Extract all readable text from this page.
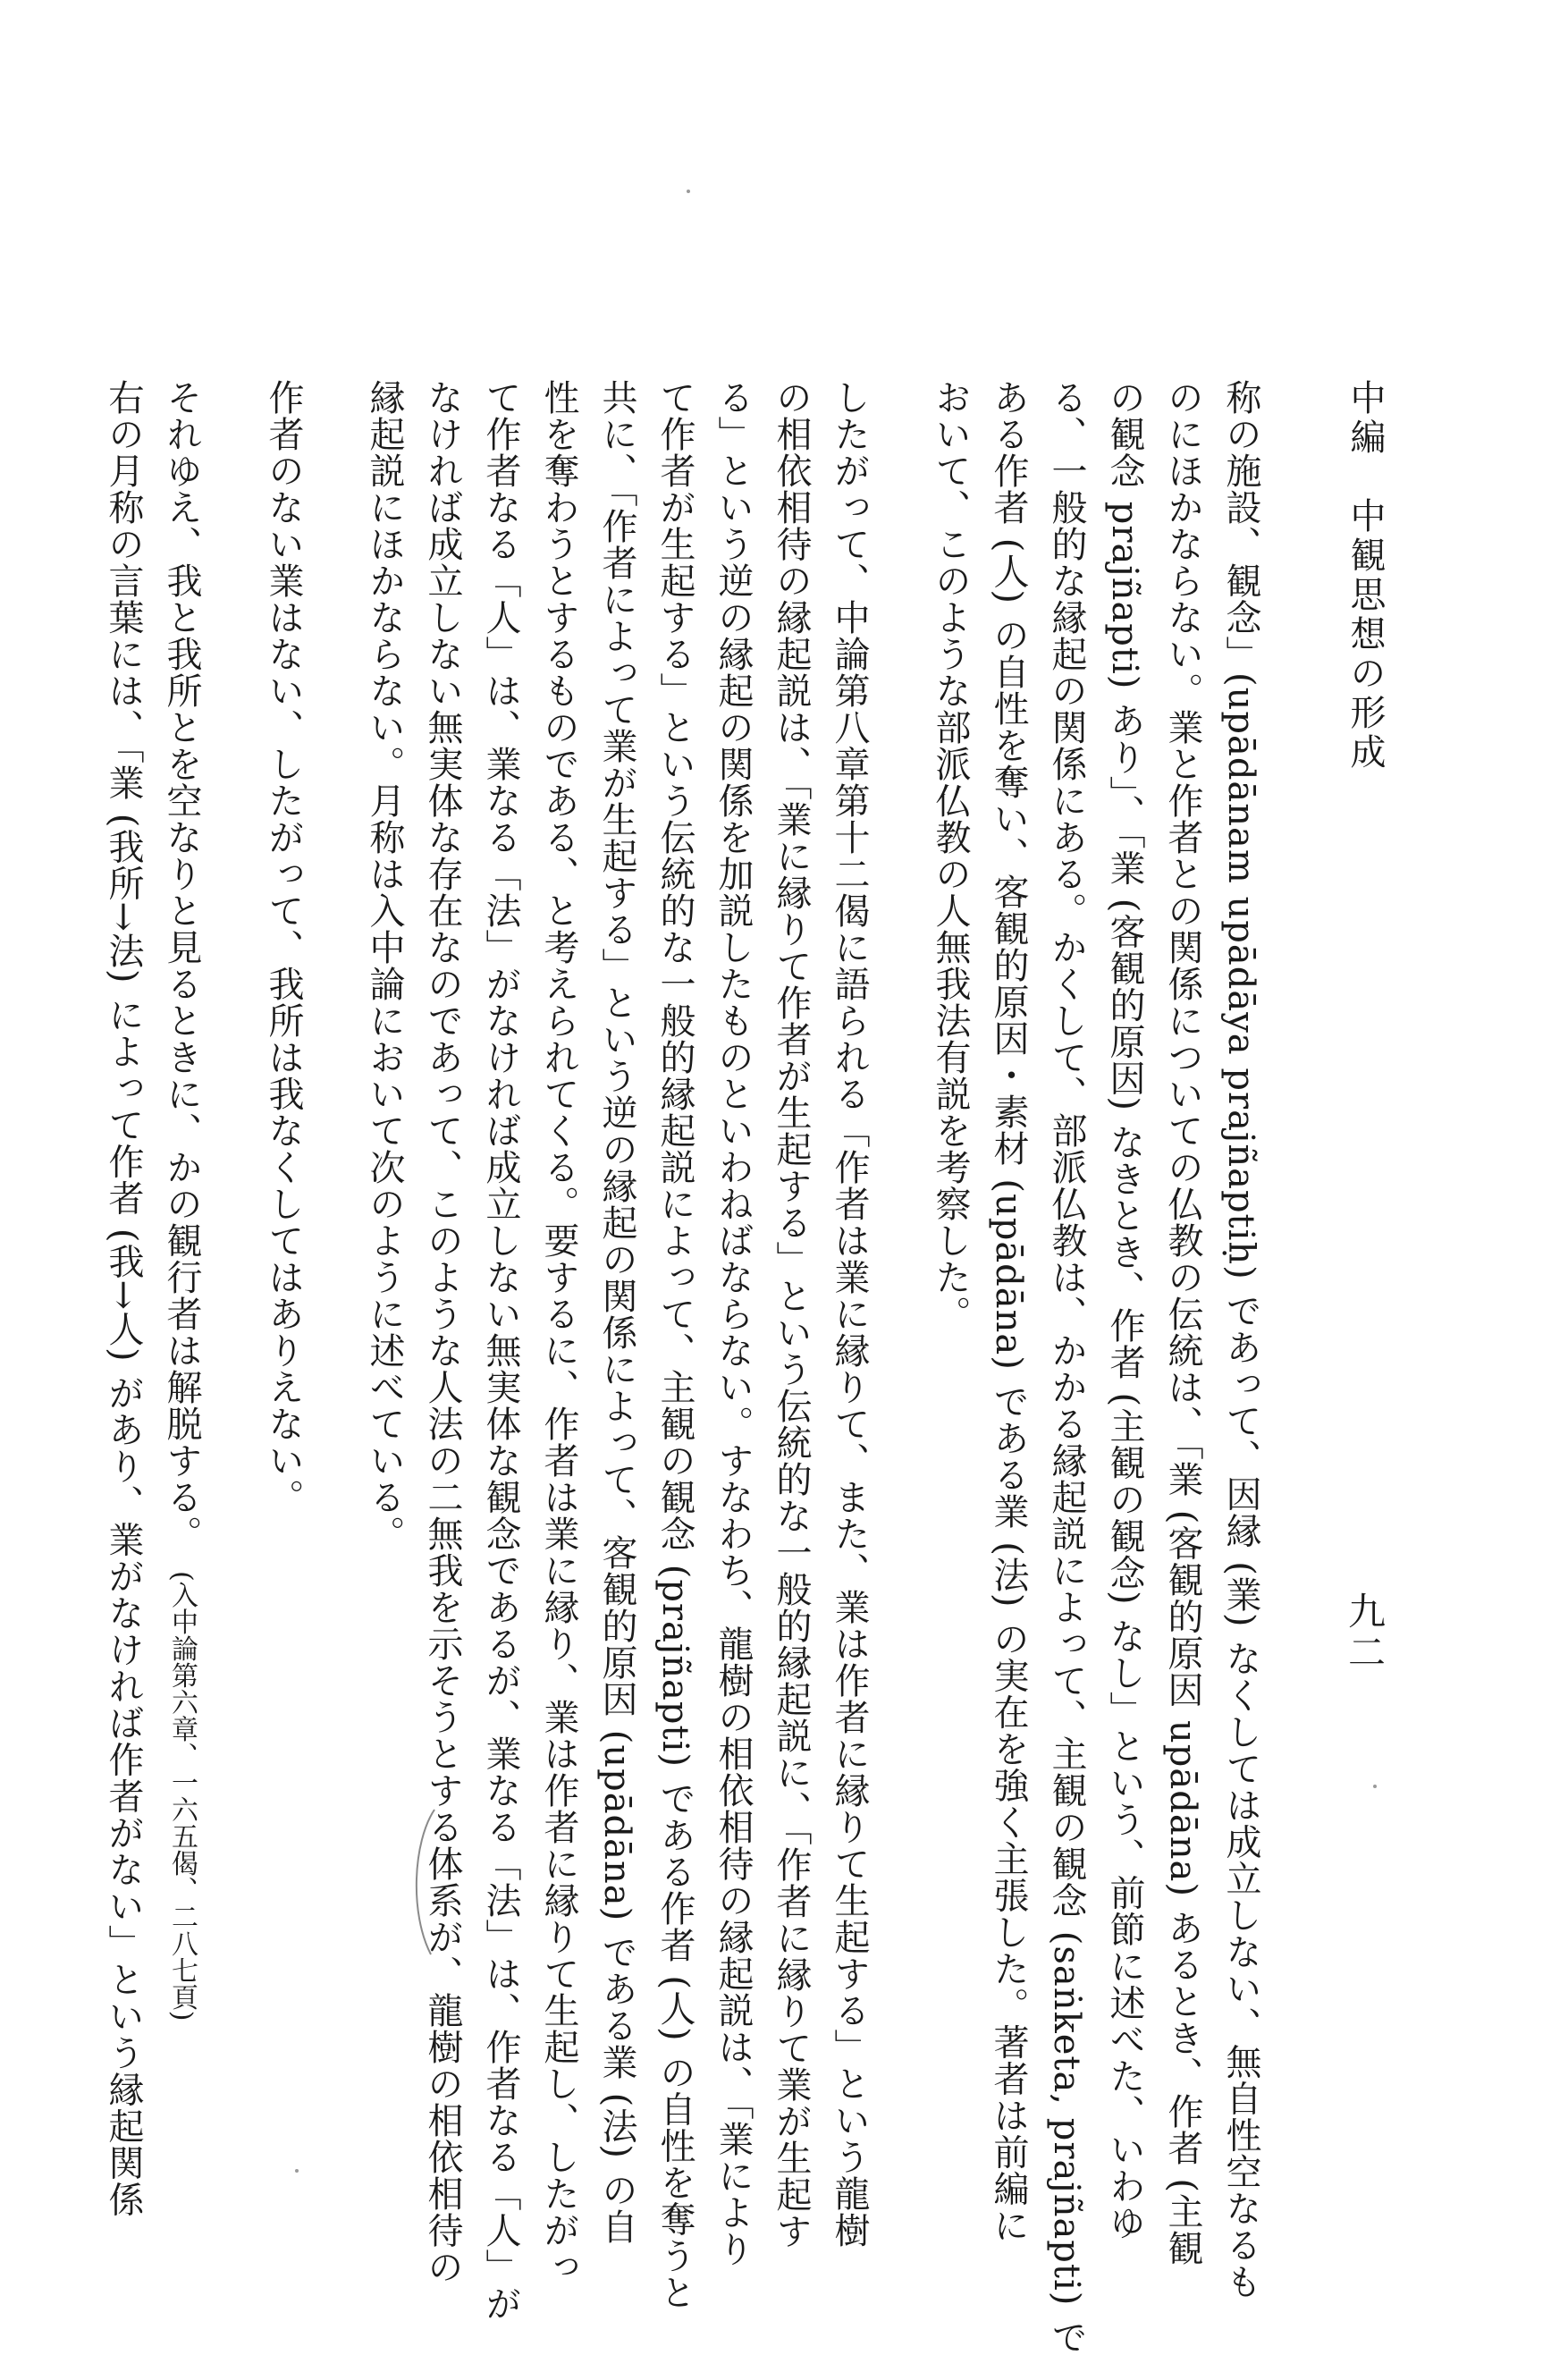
中編　中観思想の形成
九二
称の施設、観念」(upādānam upādāya prajñaptiḥ) であって、因縁 (業) なくしては成立しない、無自性空なるも
のにほかならない。業と作者との関係についての仏教の伝統は、「業 (客観的原因 upādāna) あるとき、作者 (主観
の観念 prajñapti) あり」、「業 (客観的原因) なきとき、作者 (主観の観念) なし」という、前節に述べた、いわゆ
る、一般的な縁起の関係にある。かくして、部派仏教は、かかる縁起説によって、主観の観念 (saṅketa, prajñapti) で
ある作者 (人) の自性を奪い、客観的原因・素材 (upādāna) である業 (法) の実在を強く主張した。著者は前編に
おいて、このような部派仏教の人無我法有説を考察した。
したがって、中論第八章第十二偈に語られる「作者は業に縁りて、また、業は作者に縁りて生起する」という龍樹
の相依相待の縁起説は、「業に縁りて作者が生起する」という伝統的な一般的縁起説に、「作者に縁りて業が生起す
る」という逆の縁起の関係を加説したものといわねばならない。すなわち、龍樹の相依相待の縁起説は、「業により
て作者が生起する」という伝統的な一般的縁起説によって、主観の観念 (prajñapti) である作者 (人) の自性を奪うと
共に、「作者によって業が生起する」という逆の縁起の関係によって、客観的原因 (upādāna) である業 (法) の自
性を奪わうとするものである、と考えられてくる。要するに、作者は業に縁り、業は作者に縁りて生起し、したがっ
て作者なる「人」は、業なる「法」がなければ成立しない無実体な観念であるが、業なる「法」は、作者なる「人」が
なければ成立しない無実体な存在なのであって、このような人法の二無我を示そうとする体系が、龍樹の相依相待の
縁起説にほかならない。月称は入中論において次のように述べている。
作者のない業はない、したがって、我所は我なくしてはありえない。
それゆえ、我と我所とを空なりと見るときに、かの観行者は解脱する。　(入中論第六章、一六五偈、二八七頁)
右の月称の言葉には、「業 (我所→法) によって作者 (我→人) があり、業がなければ作者がない」という縁起関係
